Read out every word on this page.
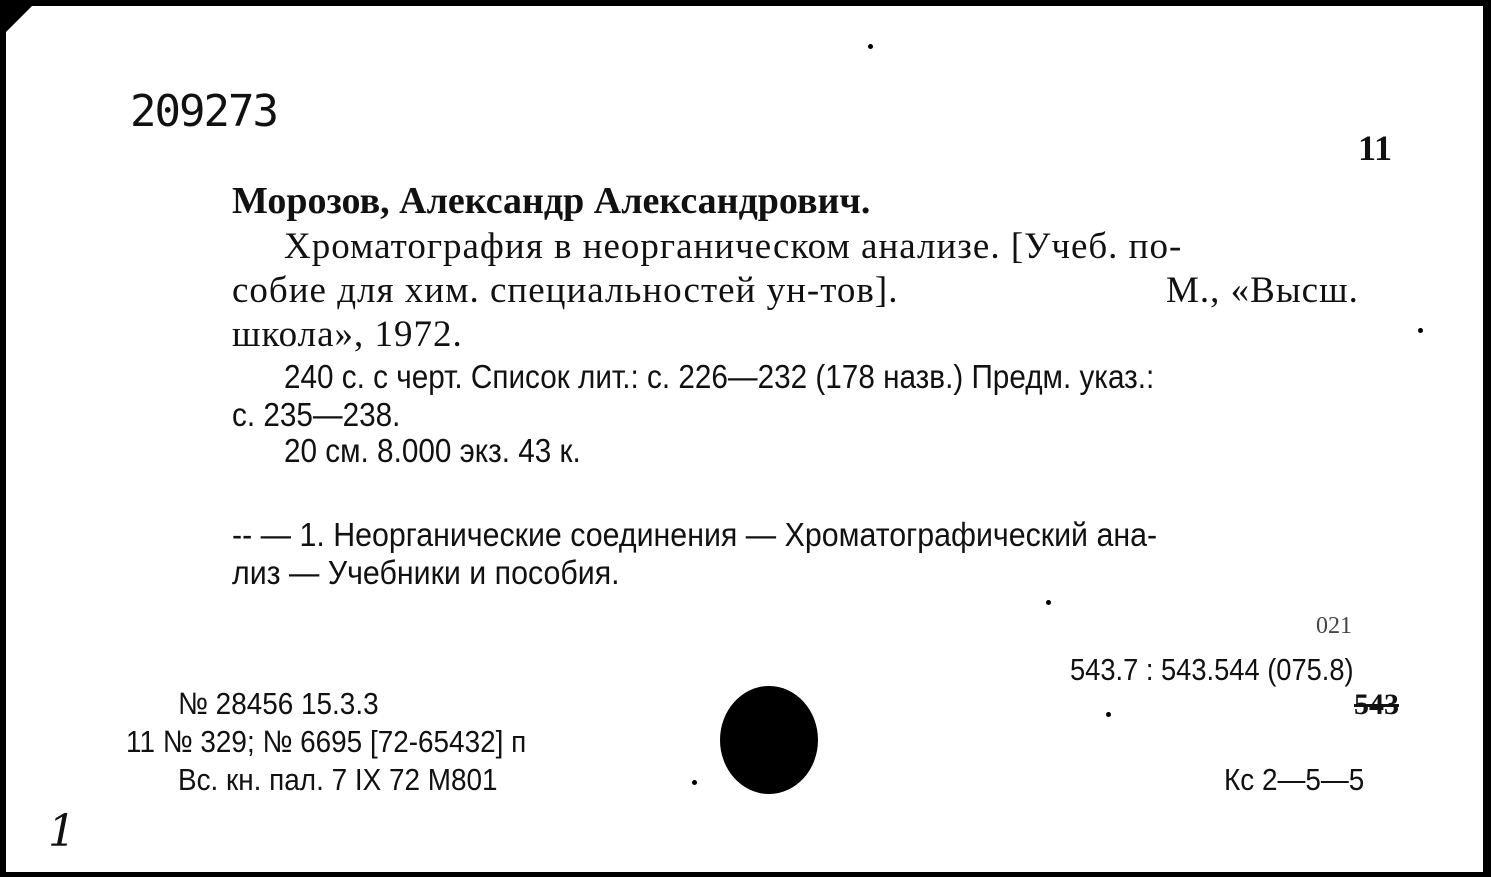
209273
11
Морозов, Александр Александрович.
Хроматография в неорганическом анализе. [Учеб. по-
собие для хим. специальностей ун-тов].	М., «Высш.
школа», 1972.
240 с. с черт. Список лит.: с. 226—232 (178 назв.) Предм. указ.:
с. 235—238.
20 см. 8.000 экз. 43 к.
-- — 1. Неорганические соединения — Хроматографический ана-
лиз — Учебники и пособия.
021
543.7 : 543.544 (075.8)
543
№ 28456 15.3.3
11 № 329; № 6695 [72-65432] п
Вс. кн. пал. 7 IX 72 М801	Кс 2—5—5
1
